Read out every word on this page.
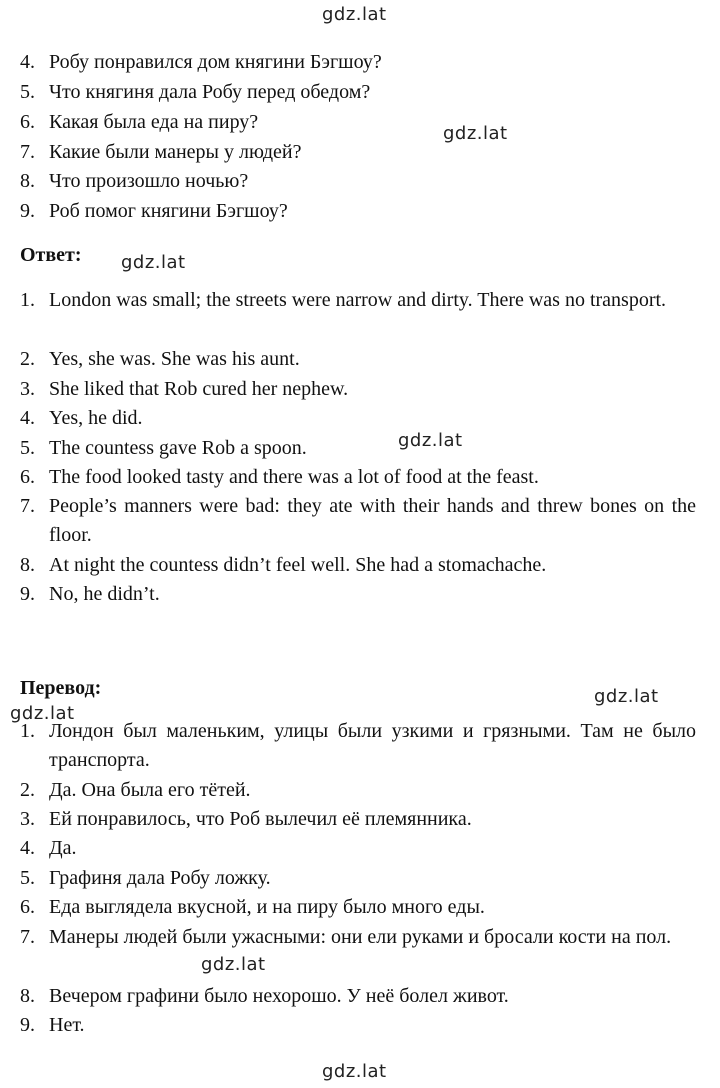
gdz.lat
gdz.lat
gdz.lat
gdz.lat
gdz.lat
gdz.lat
gdz.lat
gdz.lat
4. Робу понравился дом княгини Бэгшоу?
5. Что княгиня дала Робу перед обедом?
6. Какая была еда на пиру?
7. Какие были манеры у людей?
8. Что произошло ночью?
9. Роб помог княгини Бэгшоу?
Ответ:
1. London was small; the streets were narrow and dirty. There was no transport.
2. Yes, she was. She was his aunt.
3. She liked that Rob cured her nephew.
4. Yes, he did.
5. The countess gave Rob a spoon.
6. The food looked tasty and there was a lot of food at the feast.
7. People’s manners were bad: they ate with their hands and threw bones on the floor.
8. At night the countess didn’t feel well. She had a stomachache.
9. No, he didn’t.
Перевод:
1. Лондон был маленьким, улицы были узкими и грязными. Там не было транспорта.
2. Да. Она была его тётей.
3. Ей понравилось, что Роб вылечил её племянника.
4. Да.
5. Графиня дала Робу ложку.
6. Еда выглядела вкусной, и на пиру было много еды.
7. Манеры людей были ужасными: они ели руками и бросали кости на пол.
8. Вечером графини было нехорошо. У неё болел живот.
9. Нет.
